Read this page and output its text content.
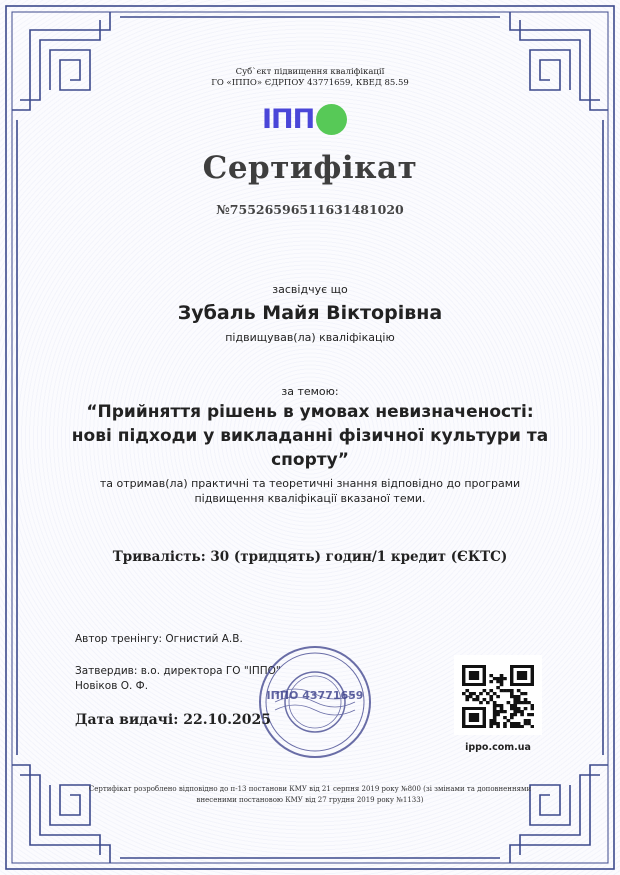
Суб`єкт підвищення кваліфікації
ГО «ІППО» ЄДРПОУ 43771659, КВЕД 85.59
ІПП
Сертифікат
№75526596511631481020
засвідчує що
Зубаль Майя Вікторівна
підвищував(ла) кваліфікацію
за темою:
“Прийняття рішень в умовах невизначеності:
нові підходи у викладанні фізичної культури та
спорту”
та отримав(ла) практичні та теоретичні знання відповідно до програми
підвищення кваліфікації вказаної теми.
Тривалість: 30 (тридцять) годин/1 кредит (ЄКТС)
Автор тренінгу: Огнистий А.В.
Затвердив: в.о. директора ГО "ІППО"
Новіков О. Ф.
ІППО 43771659
Дата видачі: 22.10.2025
ippo.com.ua
Сертифікат розроблено відповідно до п-13 постанови КМУ від 21 серпня 2019 року №800 (зі змінами та доповненнями
внесеними постановою КМУ від 27 грудня 2019 року №1133)
